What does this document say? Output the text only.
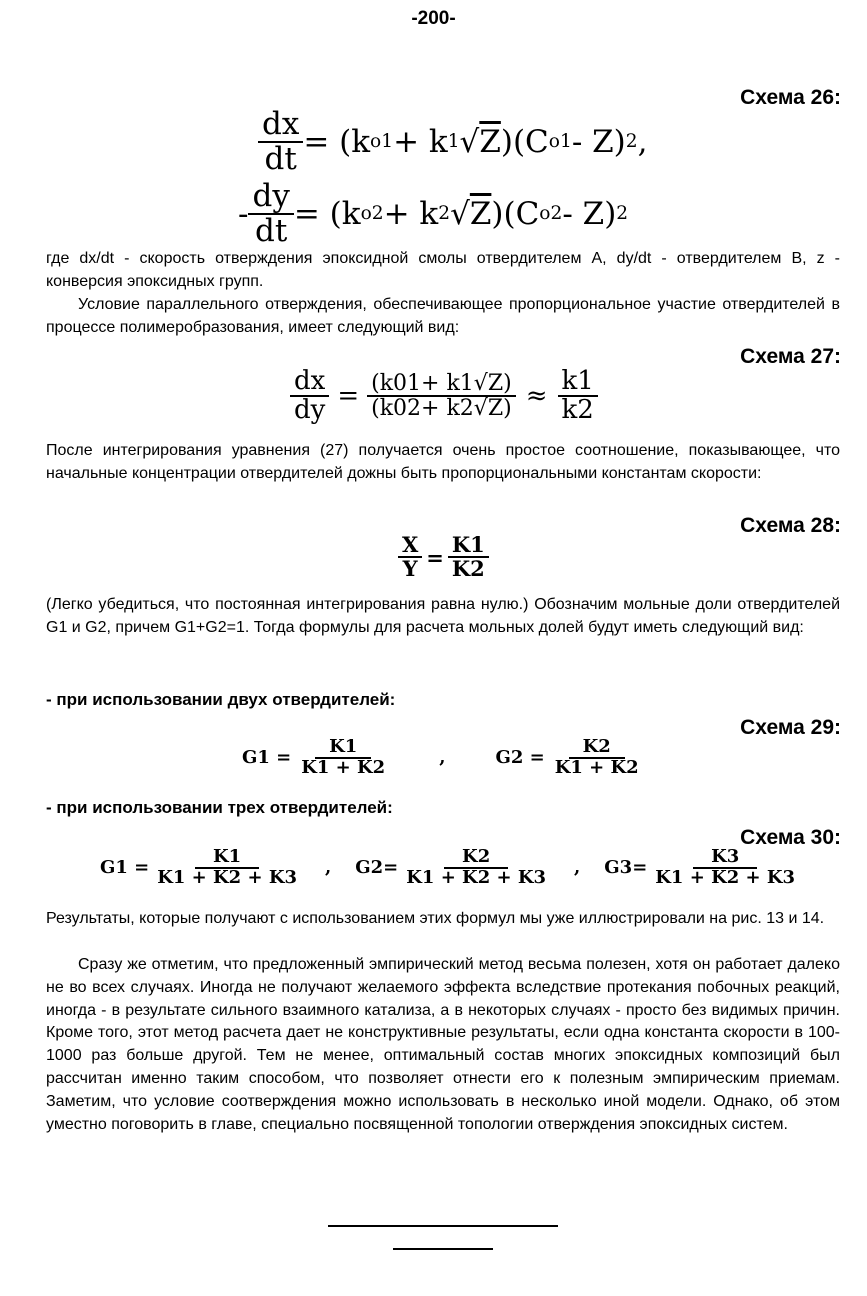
-200-
Схема 26:
$\frac{dx}{dt} = (k$ o1 + k 1 √ Z )(C o1 - Z) 2 ,
- $\frac{dy}{dt} = (k$ o2 + k 2 √ Z )(C o2 - Z) 2
где dx/dt - скорость отверждения эпоксидной смолы отвердителем A, dy/dt - отвердителем B, z - конверсия эпоксидных групп.
Условие параллельного отверждения, обеспечивающее пропорциональное участие отвердителей в процессе полимеробразования, имеет следующий вид:
Схема 27:
$\frac{dx}{dy} = \frac{(k01+ k1√Z)}{(k02+ k2√Z)} \approx \frac{k1}{k2}$
После интегрирования уравнения (27) получается очень простое соотношение, показывающее, что начальные концентрации отвердителей дожны быть пропорциональными константам скорости:
Схема 28:
$\frac{X}{Y} = \frac{K1}{K2}$
(Легко убедиться, что постоянная интегрирования равна нулю.) Обозначим мольные доли отвердителей G1 и G2, причем G1+G2=1. Тогда формулы для расчета мольных долей будут иметь следующий вид:
- при использовании двух отвердителей:
Схема 29:
$G1 = \frac{K1}{K1 + K2}$	,	$G2 = \frac{K2}{K1 + K2}$
- при использовании трех отвердителей:
Схема 30:
$G1 = \frac{K1}{K1 + K2 + K3}$ , $G2= \frac{K2}{K1 + K2 + K3}$ , $G3= \frac{K3}{K1 + K2 + K3}$
Результаты, которые получают с использованием этих формул мы уже иллюстрировали на рис. 13 и 14.
Сразу же отметим, что предложенный эмпирический метод весьма полезен, хотя он работает далеко не во всех случаях. Иногда не получают желаемого эффекта вследствие протекания побочных реакций, иногда - в результате сильного взаимного катализа, а в некоторых случаях - просто без видимых причин. Кроме того, этот метод расчета дает не конструктивные результаты, если одна константа скорости в 100-1000 раз больше другой. Тем не менее, оптимальный состав многих эпоксидных композиций был рассчитан именно таким способом, что позволяет отнести его к полезным эмпирическим приемам. Заметим, что условие соотверждения можно использовать в несколько иной модели. Однако, об этом уместно поговорить в главе, специально посвященной топологии отверждения эпоксидных систем.
